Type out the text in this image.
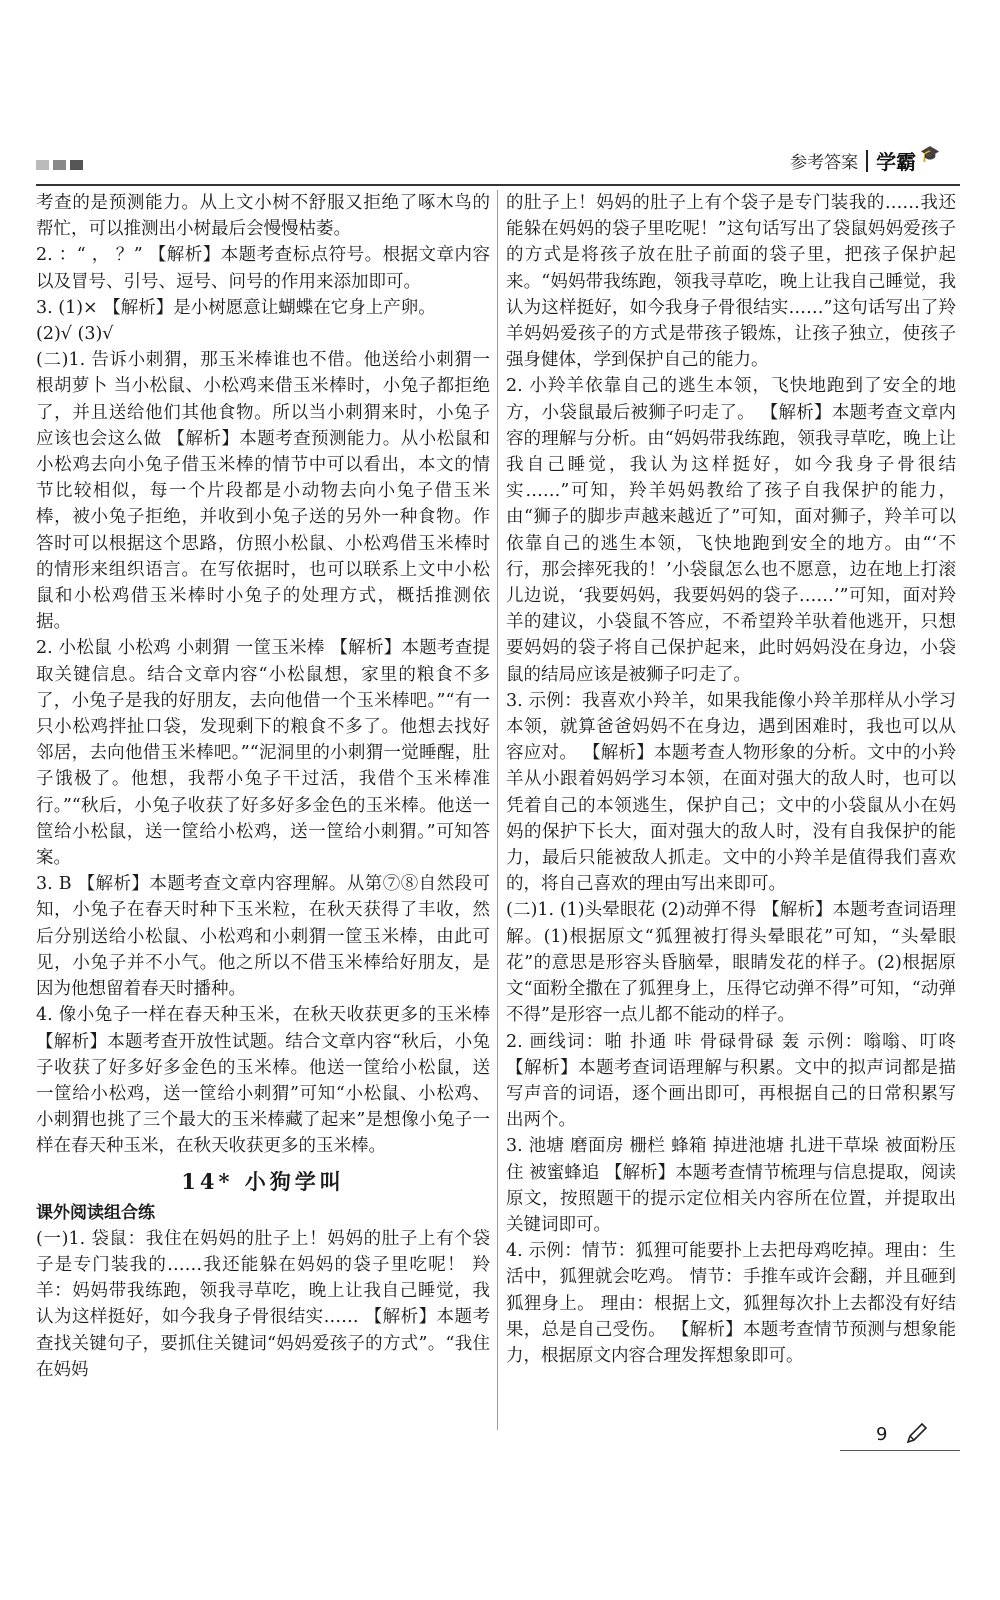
参考答案 学霸 🎓

考查的是预测能力。从上文小树不舒服又拒绝了啄木鸟的帮忙，可以推测出小树最后会慢慢枯萎。

2. ：“ ， ？” 【解析】本题考查标点符号。根据文章内容以及冒号、引号、逗号、问号的作用来添加即可。

3. (1)× 【解析】是小树愿意让蝴蝶在它身上产卵。

(2)√ (3)√

(二)1. 告诉小刺猬，那玉米棒谁也不借。他送给小刺猬一根胡萝卜 当小松鼠、小松鸡来借玉米棒时，小兔子都拒绝了，并且送给他们其他食物。所以当小刺猬来时，小兔子应该也会这么做 【解析】本题考查预测能力。从小松鼠和小松鸡去向小兔子借玉米棒的情节中可以看出，本文的情节比较相似，每一个片段都是小动物去向小兔子借玉米棒，被小兔子拒绝，并收到小兔子送的另外一种食物。作答时可以根据这个思路，仿照小松鼠、小松鸡借玉米棒时的情形来组织语言。在写依据时，也可以联系上文中小松鼠和小松鸡借玉米棒时小兔子的处理方式，概括推测依据。

2. 小松鼠 小松鸡 小刺猬 一筐玉米棒 【解析】本题考查提取关键信息。结合文章内容“小松鼠想，家里的粮食不多了，小兔子是我的好朋友，去向他借一个玉米棒吧。”“有一只小松鸡拌扯口袋，发现剩下的粮食不多了。他想去找好邻居，去向他借玉米棒吧。”“泥洞里的小刺猬一觉睡醒，肚子饿极了。他想，我帮小兔子干过活，我借个玉米棒准行。”“秋后，小兔子收获了好多好多金色的玉米棒。他送一筐给小松鼠，送一筐给小松鸡，送一筐给小刺猬。”可知答案。

3. B 【解析】本题考查文章内容理解。从第⑦⑧自然段可知，小兔子在春天时种下玉米粒，在秋天获得了丰收，然后分别送给小松鼠、小松鸡和小刺猬一筐玉米棒，由此可见，小兔子并不小气。他之所以不借玉米棒给好朋友，是因为他想留着春天时播种。

4. 像小兔子一样在春天种玉米，在秋天收获更多的玉米棒 【解析】本题考查开放性试题。结合文章内容“秋后，小兔子收获了好多好多金色的玉米棒。他送一筐给小松鼠，送一筐给小松鸡，送一筐给小刺猬”可知“小松鼠、小松鸡、小刺猬也挑了三个最大的玉米棒藏了起来”是想像小兔子一样在春天种玉米，在秋天收获更多的玉米棒。

14* 小狗学叫

课外阅读组合练

(一)1. 袋鼠：我住在妈妈的肚子上！妈妈的肚子上有个袋子是专门装我的……我还能躲在妈妈的袋子里吃呢！ 羚羊：妈妈带我练跑，领我寻草吃，晚上让我自己睡觉，我认为这样挺好，如今我身子骨很结实…… 【解析】本题考查找关键句子，要抓住关键词“妈妈爱孩子的方式”。“我住在妈妈

的肚子上！妈妈的肚子上有个袋子是专门装我的……我还能躲在妈妈的袋子里吃呢！”这句话写出了袋鼠妈妈爱孩子的方式是将孩子放在肚子前面的袋子里，把孩子保护起来。“妈妈带我练跑，领我寻草吃，晚上让我自己睡觉，我认为这样挺好，如今我身子骨很结实……”这句话写出了羚羊妈妈爱孩子的方式是带孩子锻炼，让孩子独立，使孩子强身健体，学到保护自己的能力。

2. 小羚羊依靠自己的逃生本领，飞快地跑到了安全的地方，小袋鼠最后被狮子叼走了。 【解析】本题考查文章内容的理解与分析。由“妈妈带我练跑，领我寻草吃，晚上让我自己睡觉，我认为这样挺好，如今我身子骨很结实……”可知，羚羊妈妈教给了孩子自我保护的能力，由“狮子的脚步声越来越近了”可知，面对狮子，羚羊可以依靠自己的逃生本领，飞快地跑到安全的地方。由“‘不行，那会摔死我的！’小袋鼠怎么也不愿意，边在地上打滚儿边说，‘我要妈妈，我要妈妈的袋子……’”可知，面对羚羊的建议，小袋鼠不答应，不希望羚羊驮着他逃开，只想要妈妈的袋子将自己保护起来，此时妈妈没在身边，小袋鼠的结局应该是被狮子叼走了。

3. 示例：我喜欢小羚羊，如果我能像小羚羊那样从小学习本领，就算爸爸妈妈不在身边，遇到困难时，我也可以从容应对。 【解析】本题考查人物形象的分析。文中的小羚羊从小跟着妈妈学习本领，在面对强大的敌人时，也可以凭着自己的本领逃生，保护自己；文中的小袋鼠从小在妈妈的保护下长大，面对强大的敌人时，没有自我保护的能力，最后只能被敌人抓走。文中的小羚羊是值得我们喜欢的，将自己喜欢的理由写出来即可。

(二)1. (1)头晕眼花 (2)动弹不得 【解析】本题考查词语理解。(1)根据原文“狐狸被打得头晕眼花”可知，“头晕眼花”的意思是形容头昏脑晕，眼睛发花的样子。(2)根据原文“面粉全撒在了狐狸身上，压得它动弹不得”可知，“动弹不得”是形容一点儿都不能动的样子。

2. 画线词：啪 扑通 咔 骨碌骨碌 轰 示例：嗡嗡、叮咚 【解析】本题考查词语理解与积累。文中的拟声词都是描写声音的词语，逐个画出即可，再根据自己的日常积累写出两个。

3. 池塘 磨面房 栅栏 蜂箱 掉进池塘 扎进干草垛 被面粉压住 被蜜蜂追 【解析】本题考查情节梳理与信息提取，阅读原文，按照题干的提示定位相关内容所在位置，并提取出关键词即可。

4. 示例：情节：狐狸可能要扑上去把母鸡吃掉。理由：生活中，狐狸就会吃鸡。 情节：手推车或许会翻，并且砸到狐狸身上。 理由：根据上文，狐狸每次扑上去都没有好结果，总是自己受伤。 【解析】本题考查情节预测与想象能力，根据原文内容合理发挥想象即可。

9
